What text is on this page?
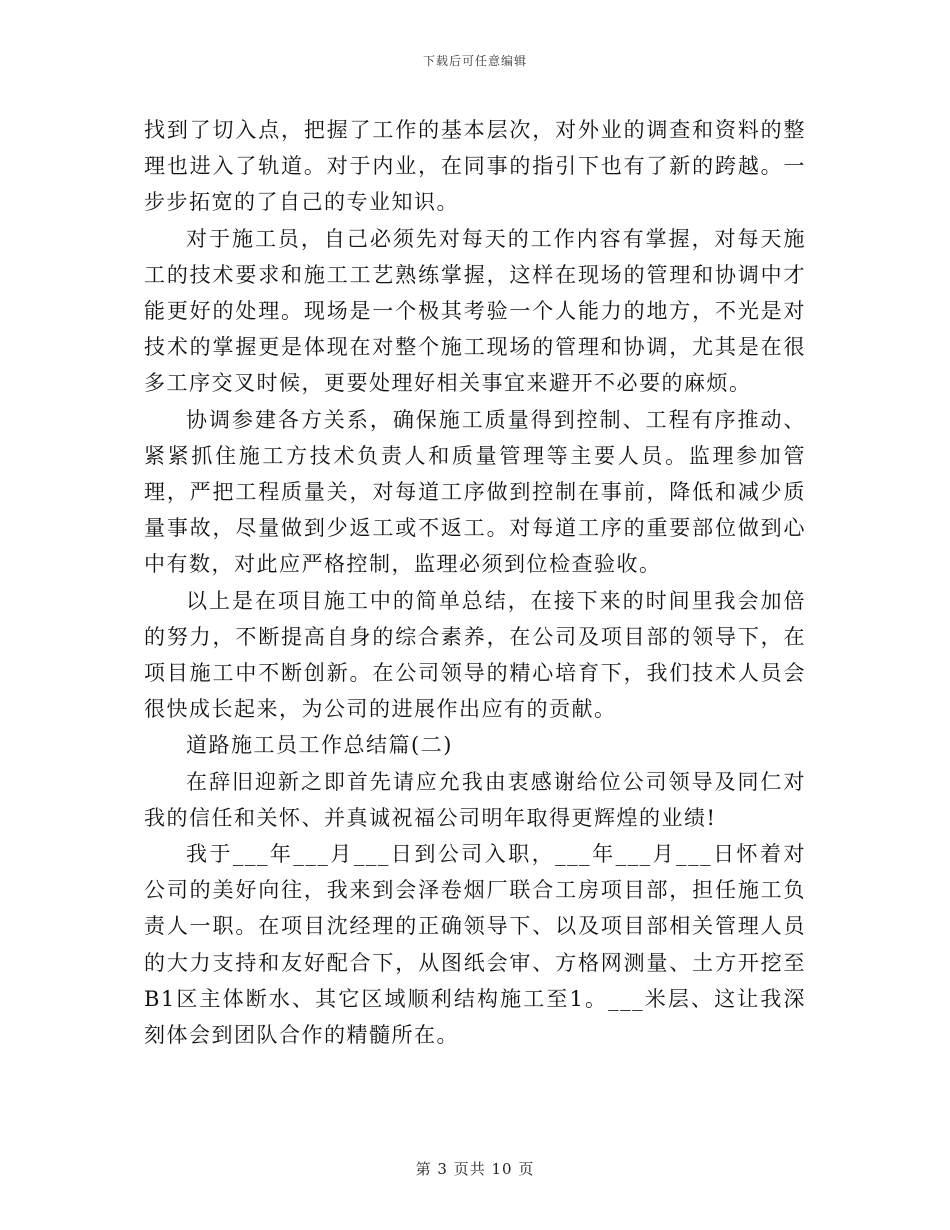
下载后可任意编辑

找到了切入点，把握了工作的基本层次，对外业的调查和资料的整理也进入了轨道。对于内业，在同事的指引下也有了新的跨越。一步步拓宽的了自己的专业知识。

对于施工员，自己必须先对每天的工作内容有掌握，对每天施工的技术要求和施工工艺熟练掌握，这样在现场的管理和协调中才能更好的处理。现场是一个极其考验一个人能力的地方，不光是对技术的掌握更是体现在对整个施工现场的管理和协调，尤其是在很多工序交叉时候，更要处理好相关事宜来避开不必要的麻烦。

协调参建各方关系，确保施工质量得到控制、工程有序推动、紧紧抓住施工方技术负责人和质量管理等主要人员。监理参加管理，严把工程质量关，对每道工序做到控制在事前，降低和减少质量事故，尽量做到少返工或不返工。对每道工序的重要部位做到心中有数，对此应严格控制，监理必须到位检查验收。

以上是在项目施工中的简单总结，在接下来的时间里我会加倍的努力，不断提高自身的综合素养，在公司及项目部的领导下，在项目施工中不断创新。在公司领导的精心培育下，我们技术人员会很快成长起来，为公司的进展作出应有的贡献。

道路施工员工作总结篇(二)

在辞旧迎新之即首先请应允我由衷感谢给位公司领导及同仁对我的信任和关怀、并真诚祝福公司明年取得更辉煌的业绩!

我于___年___月___日到公司入职，___年___月___日怀着对公司的美好向往，我来到会泽卷烟厂联合工房项目部，担任施工负责人一职。在项目沈经理的正确领导下、以及项目部相关管理人员的大力支持和友好配合下，从图纸会审、方格网测量、土方开挖至B1区主体断水、其它区域顺利结构施工至1。___米层、这让我深刻体会到团队合作的精髓所在。

第 3 页共 10 页
